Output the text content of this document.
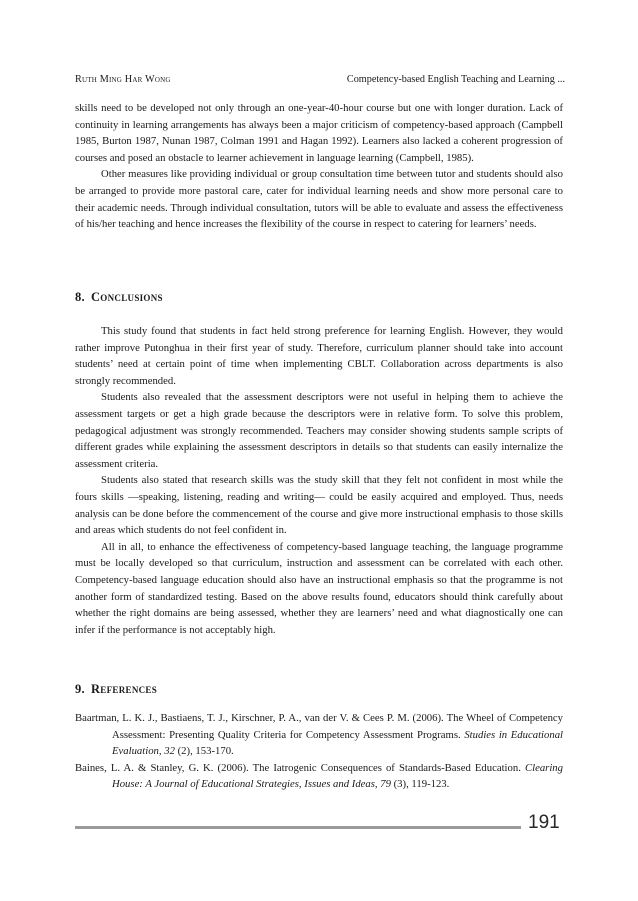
Ruth Ming Har Wong	Competency-based English Teaching and Learning ...

skills need to be developed not only through an one-year-40-hour course but one with longer duration. Lack of continuity in learning arrangements has always been a major criticism of competency-based approach (Campbell 1985, Burton 1987, Nunan 1987, Colman 1991 and Hagan 1992). Learners also lacked a coherent progression of courses and posed an obstacle to learner achievement in language learning (Campbell, 1985).

Other measures like providing individual or group consultation time between tutor and students should also be arranged to provide more pastoral care, cater for individual learning needs and show more personal care to their academic needs. Through individual consultation, tutors will be able to evaluate and assess the effectiveness of his/her teaching and hence increases the flexibility of the course in respect to catering for learners’ needs.

8. Conclusions

This study found that students in fact held strong preference for learning English. However, they would rather improve Putonghua in their first year of study. Therefore, curriculum planner should take into account students’ need at certain point of time when implementing CBLT. Collaboration across departments is also strongly recommended.

Students also revealed that the assessment descriptors were not useful in helping them to achieve the assessment targets or get a high grade because the descriptors were in relative form. To solve this problem, pedagogical adjustment was strongly recommended. Teachers may consider showing students sample scripts of different grades while explaining the assessment descriptors in details so that students can easily internalize the assessment criteria.

Students also stated that research skills was the study skill that they felt not confident in most while the fours skills —speaking, listening, reading and writing— could be easily acquired and employed. Thus, needs analysis can be done before the commencement of the course and give more instructional emphasis to those skills and areas which students do not feel confident in.

All in all, to enhance the effectiveness of competency-based language teaching, the language programme must be locally developed so that curriculum, instruction and assessment can be correlated with each other. Competency-based language education should also have an instructional emphasis so that the programme is not another form of standardized testing. Based on the above results found, educators should think carefully about whether the right domains are being assessed, whether they are learners’ need and what diagnostically one can infer if the performance is not acceptably high.

9. References

Baartman, L. K. J., Bastiaens, T. J., Kirschner, P. A., van der V. & Cees P. M. (2006). The Wheel of Competency Assessment: Presenting Quality Criteria for Competency Assessment Programs. Studies in Educational Evaluation, 32 (2), 153-170.

Baines, L. A. & Stanley, G. K. (2006). The Iatrogenic Consequences of Standards-Based Education. Clearing House: A Journal of Educational Strategies, Issues and Ideas, 79 (3), 119-123.

191
